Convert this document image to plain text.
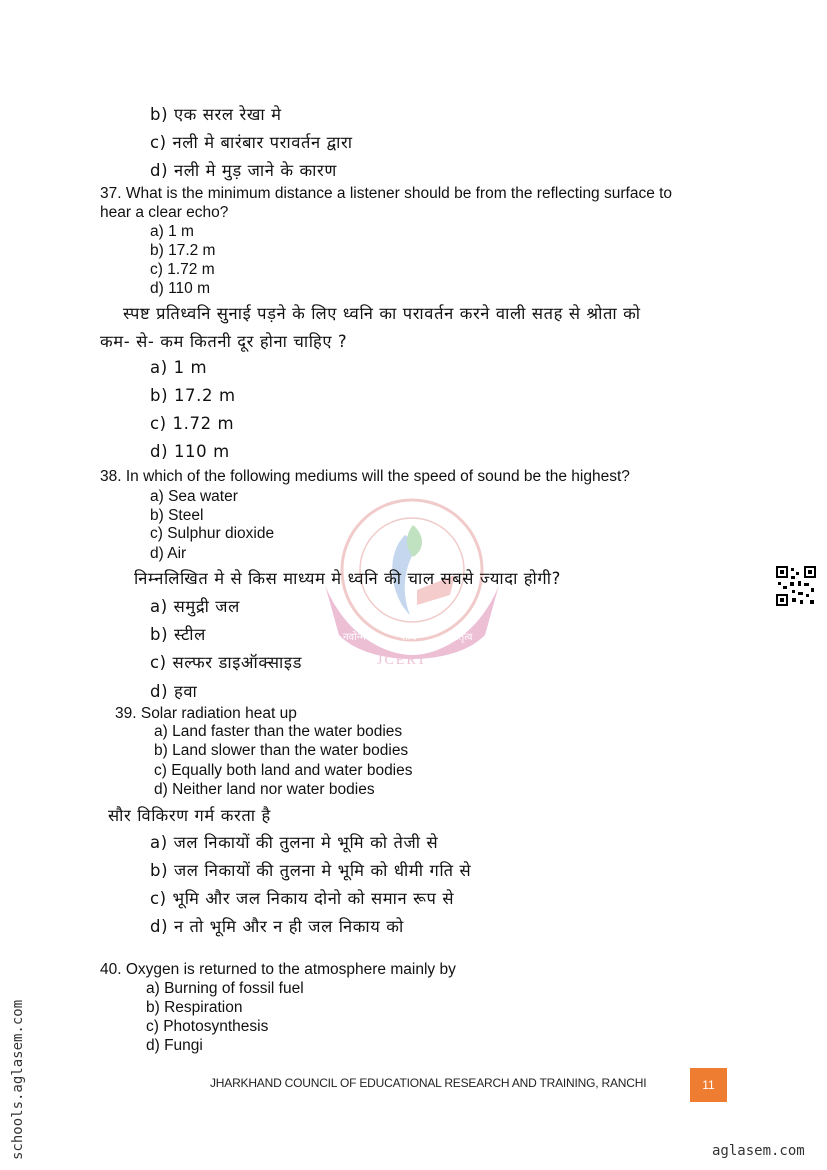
नवोन्मेष	शोध	नेतृत्व
JCERT
b) एक सरल रेखा मे
c) नली मे बारंबार परावर्तन द्वारा
d) नली मे मुड़ जाने के कारण
37. What is the minimum distance a listener should be from the reflecting surface to
hear a clear echo?
a) 1 m
b) 17.2 m
c) 1.72 m
d) 110 m
स्पष्ट प्रतिध्वनि सुनाई पड़ने के लिए ध्वनि का परावर्तन करने वाली सतह से श्रोता को
कम- से- कम कितनी दूर होना चाहिए ?
a) 1 m
b) 17.2 m
c) 1.72 m
d) 110 m
38. In which of the following mediums will the speed of sound be the highest?
a) Sea water
b) Steel
c) Sulphur dioxide
d) Air
निम्नलिखित मे से किस माध्यम मे ध्वनि की चाल सबसे ज्यादा होगी?
a) समुद्री जल
b) स्टील
c) सल्फर डाइऑक्साइड
d) हवा
39. Solar radiation heat up
a) Land faster than the water bodies
b) Land slower than the water bodies
c) Equally both land and water bodies
d) Neither land nor water bodies
सौर विकिरण गर्म करता है
a) जल निकायों की तुलना मे भूमि को तेजी से
b) जल निकायों की तुलना मे भूमि को धीमी गति से
c) भूमि और जल निकाय दोनो को समान रूप से
d) न तो भूमि और न ही जल निकाय को
40. Oxygen is returned to the atmosphere mainly by
a) Burning of fossil fuel
b) Respiration
c) Photosynthesis
d) Fungi
JHARKHAND COUNCIL OF EDUCATIONAL RESEARCH AND TRAINING, RANCHI	11
schools.aglasem.com	aglasem.com
